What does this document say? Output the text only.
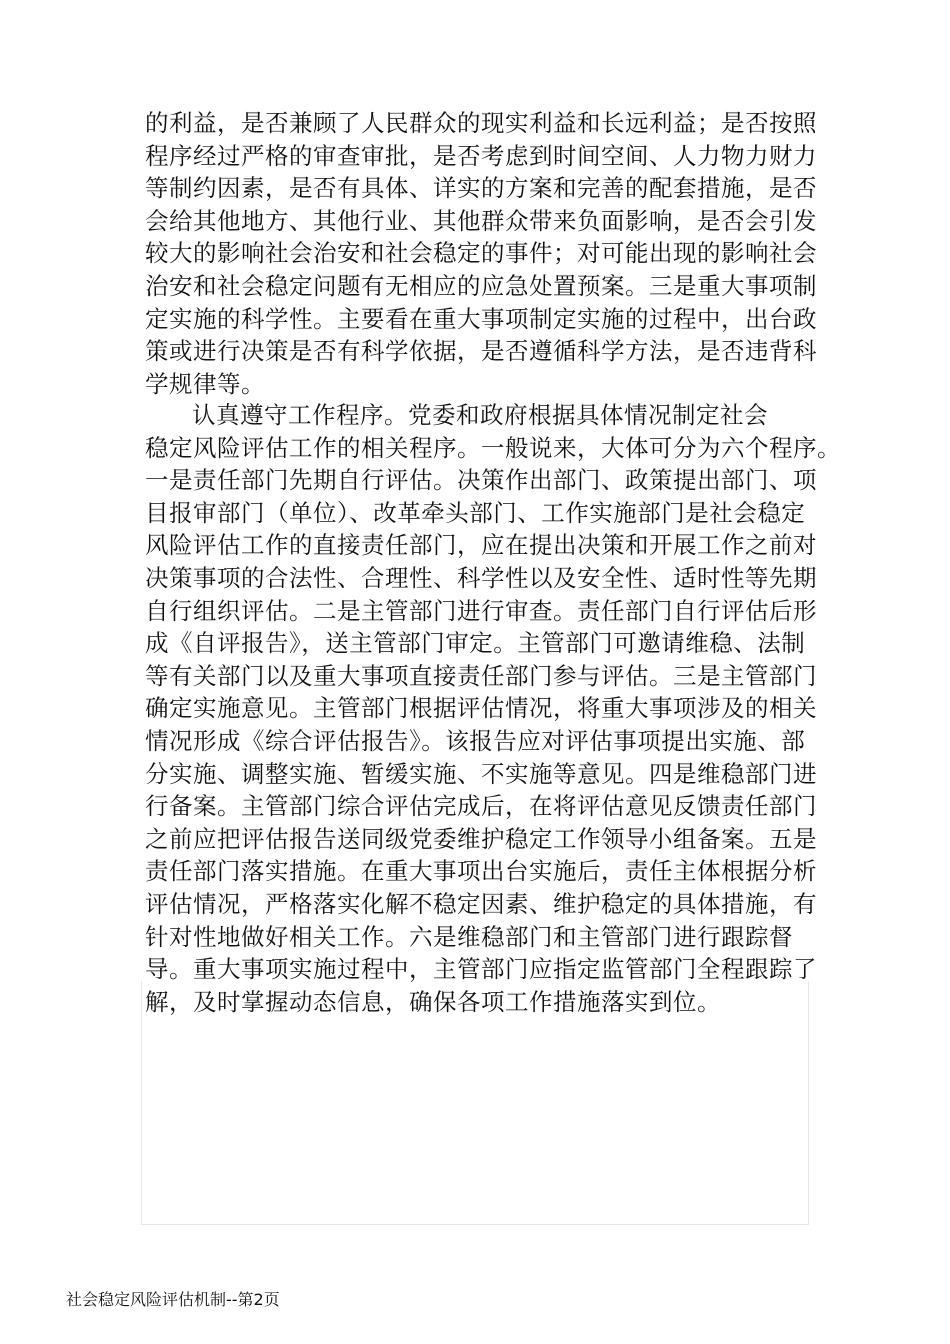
的利益，是否兼顾了人民群众的现实利益和长远利益；是否按照
程序经过严格的审查审批，是否考虑到时间空间、人力物力财力
等制约因素，是否有具体、详实的方案和完善的配套措施，是否
会给其他地方、其他行业、其他群众带来负面影响，是否会引发
较大的影响社会治安和社会稳定的事件；对可能出现的影响社会
治安和社会稳定问题有无相应的应急处置预案。三是重大事项制
定实施的科学性。主要看在重大事项制定实施的过程中，出台政
策或进行决策是否有科学依据，是否遵循科学方法，是否违背科
学规律等。
认真遵守工作程序。党委和政府根据具体情况制定社会
稳定风险评估工作的相关程序。一般说来，大体可分为六个程序。
一是责任部门先期自行评估。决策作出部门、政策提出部门、项
目报审部门（单位）、改革牵头部门、工作实施部门是社会稳定
风险评估工作的直接责任部门，应在提出决策和开展工作之前对
决策事项的合法性、合理性、科学性以及安全性、适时性等先期
自行组织评估。二是主管部门进行审查。责任部门自行评估后形
成《自评报告》，送主管部门审定。主管部门可邀请维稳、法制
等有关部门以及重大事项直接责任部门参与评估。三是主管部门
确定实施意见。主管部门根据评估情况，将重大事项涉及的相关
情况形成《综合评估报告》。该报告应对评估事项提出实施、部
分实施、调整实施、暂缓实施、不实施等意见。四是维稳部门进
行备案。主管部门综合评估完成后，在将评估意见反馈责任部门
之前应把评估报告送同级党委维护稳定工作领导小组备案。五是
责任部门落实措施。在重大事项出台实施后，责任主体根据分析
评估情况，严格落实化解不稳定因素、维护稳定的具体措施，有
针对性地做好相关工作。六是维稳部门和主管部门进行跟踪督
导。重大事项实施过程中，主管部门应指定监管部门全程跟踪了
解，及时掌握动态信息，确保各项工作措施落实到位。
社会稳定风险评估机制--第2页
